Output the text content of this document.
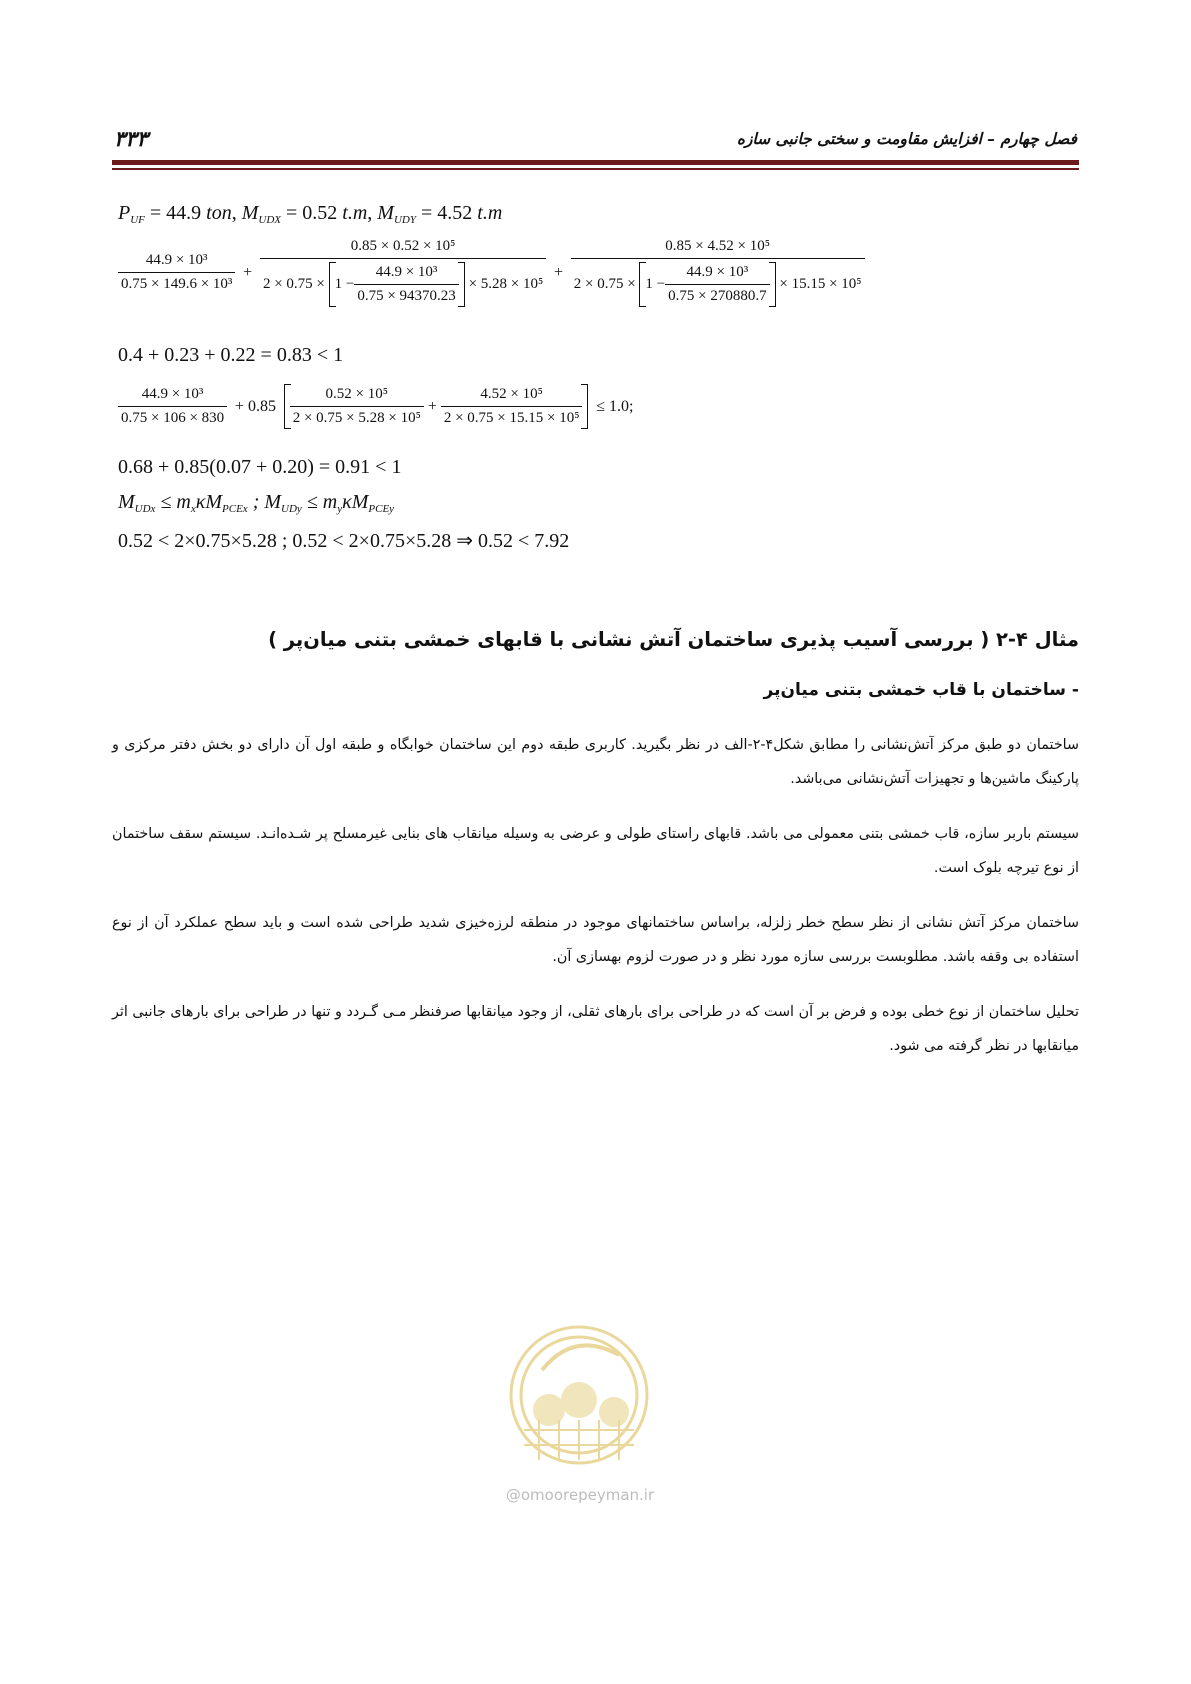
۳۳۳	فصل چهارم – افزایش مقاومت و سختی جانبی سازه
$P_{UF} = 44.9$ ton, $M_{UDX} = 0.52$ t.m, $M_{UDY} = 4.52$ t.m
$\frac{\text{44.9 × 10³}}{\text{0.75 × 149.6 × 10³}}$ +
0.85 × 0.52 × 10⁵
$2 \times 0.75 \times 1 - \frac{\text{44.9 × 10³}}{0.75 \times 94370.23} \times 5.28 \times 10^5$
+
0.85 × 4.52 × 10⁵
$2 \times 0.75 \times 1 - \frac{\text{44.9 × 10³}}{0.75 \times 270880.7} \times 15.15 \times 10^5$
0.4 + 0.23 + 0.22 = 0.83 < 1
$\frac{\text{44.9 × 10³}}{0.75 \times 106 \times 830} + 0.85 \frac{\text{0.52 × 10⁵}}{\text{2 × 0.75 × 5.28 × 10⁵}} + \frac{\text{4.52 × 10⁵}}{\text{2 × 0.75 × 15.15 × 10⁵}} \le 1.0$;
0.68 + 0.85(0.07 + 0.20) = 0.91 < 1
$M_{UDx} \le m_x\kappa M_{PCEx}$ ; $M_{UDy} \le m_y\kappa M_{PCEy}$
0.52 < 2×0.75×5.28 ; 0.52 < 2×0.75×5.28 ⇒ 0.52 < 7.92
مثال ۴-۲ ( بررسی آسیب پذیری ساختمان آتش نشانی با قابهای خمشی بتنی میان‌پر )
- ساختمان با قاب خمشی بتنی میان‌پر
ساختمان دو طبق مرکز آتش‌نشانی را مطابق شکل۴-۲-الف در نظر بگیرید. کاربری طبقه دوم این ساختمان خوابگاه و طبقه اول آن دارای دو بخش دفتر مرکزی و پارکینگ ماشین‌ها و تجهیزات آتش‌نشانی می‌باشد.
سیستم باربر سازه، قاب خمشی بتنی معمولی می باشد. قابهای راستای طولی و عرضی به وسیله میانقاب های بنایی غیرمسلح پر شـده‌انـد. سیستم سقف ساختمان از نوع تیرچه بلوک است.
ساختمان مرکز آتش نشانی از نظر سطح خطر زلزله، براساس ساختمانهای موجود در منطقه لرزه‌خیزی شدید طراحی شده است و باید سطح عملکرد آن از نوع استفاده بی وقفه باشد. مطلوبست بررسی سازه مورد نظر و در صورت لزوم بهسازی آن.
تحلیل ساختمان از نوع خطی بوده و فرض بر آن است که در طراحی برای بارهای ثقلی، از وجود میانقابها صرفنظر مـی گـردد و تنها در طراحی برای بارهای جانبی اثر میانقابها در نظر گرفته می شود.
@omoorepeyman.ir
